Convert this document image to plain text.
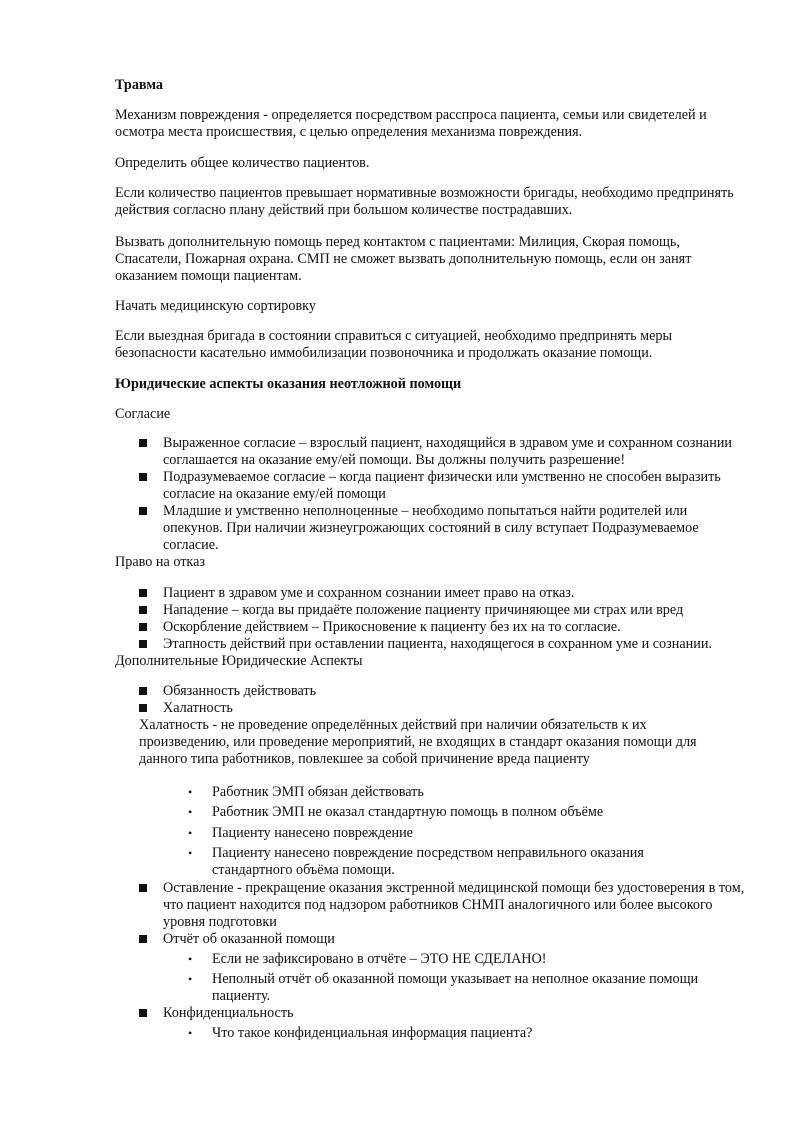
Травма

Механизм повреждения - определяется посредством расспроса пациента, семьи или свидетелей и осмотра места происшествия, с целью определения механизма повреждения.

Определить общее количество пациентов.

Если количество пациентов превышает нормативные возможности бригады, необходимо предпринять действия согласно плану действий при большом количестве пострадавших.

Вызвать дополнительную помощь перед контактом с пациентами: Милиция, Скорая помощь, Спасатели, Пожарная охрана. СМП не сможет вызвать дополнительную помощь, если он занят оказанием помощи пациентам.

Начать медицинскую сортировку

Если выездная бригада в состоянии справиться с ситуацией, необходимо предпринять меры безопасности касательно иммобилизации позвоночника и продолжать оказание помощи.

Юридические аспекты оказания неотложной помощи

Согласие

Выраженное согласие – взрослый пациент, находящийся в здравом уме и сохранном сознании соглашается на оказание ему/ей помощи. Вы должны получить разрешение!
Подразумеваемое согласие – когда пациент физически или умственно не способен выразить согласие на оказание ему/ей помощи
Младшие и умственно неполноценные – необходимо попытаться найти родителей или опекунов. При наличии жизнеугрожающих состояний в силу вступает Подразумеваемое согласие.

Право на отказ

Пациент в здравом уме и сохранном сознании имеет право на отказ.
Нападение – когда вы придаёте положение пациенту причиняющее ми страх или вред
Оскорбление действием – Прикосновение к пациенту без их на то согласие.
Этапность действий при оставлении пациента, находящегося в сохранном уме и сознании.

Дополнительные Юридические Аспекты

Обязанность действовать
Халатность
Халатность - не проведение определённых действий при наличии обязательств к их произведению, или проведение мероприятий, не входящих в стандарт оказания помощи для данного типа работников, повлекшее за собой причинение вреда пациенту
• Работник ЭМП обязан действовать
• Работник ЭМП не оказал стандартную помощь в полном объёме
• Пациенту нанесено повреждение
• Пациенту нанесено повреждение посредством неправильного оказания стандартного объёма помощи.
Оставление - прекращение оказания экстренной медицинской помощи без удостоверения в том, что пациент находится под надзором работников СНМП аналогичного или более высокого уровня подготовки
Отчёт об оказанной помощи
• Если не зафиксировано в отчёте – ЭТО НЕ СДЕЛАНО!
• Неполный отчёт об оказанной помощи указывает на неполное оказание помощи пациенту.
Конфиденциальность
• Что такое конфиденциальная информация пациента?
